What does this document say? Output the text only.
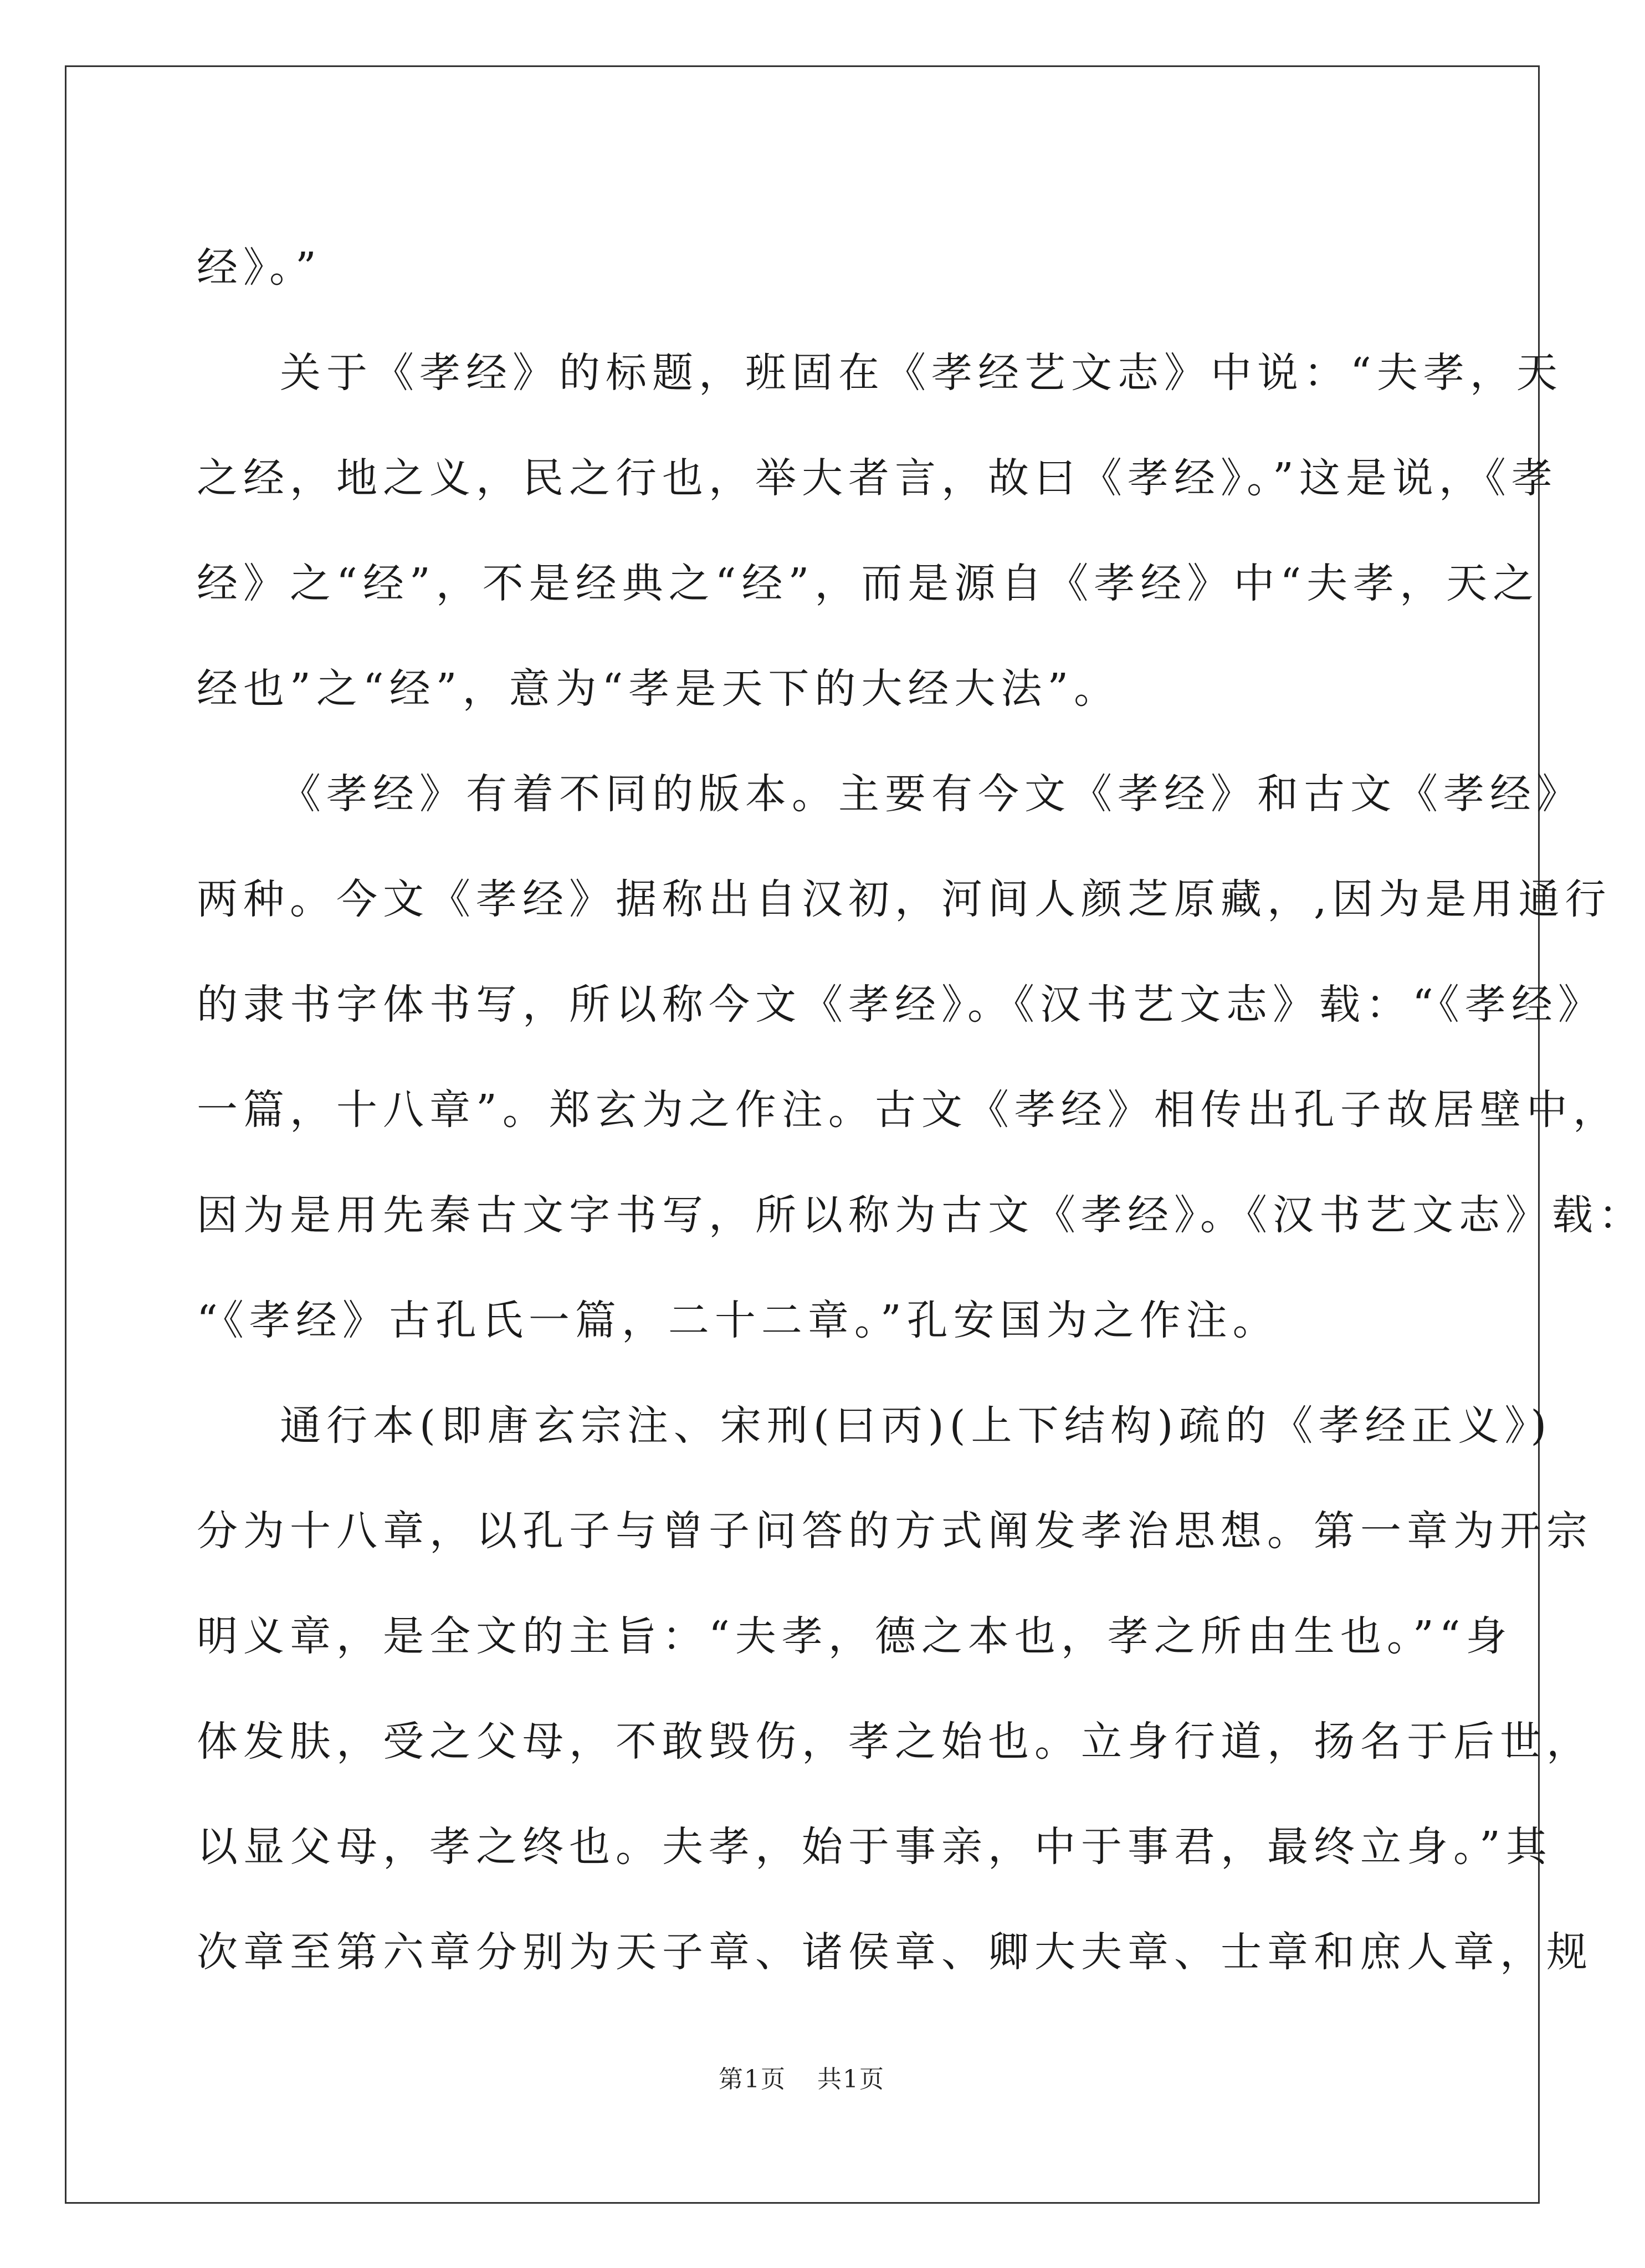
经》。”
关于《孝经》的标题，班固在《孝经艺文志》中说：“夫孝，天
之经，地之义，民之行也，举大者言，故曰《孝经》。”这是说，《孝
经》之“经”，不是经典之“经”，而是源自《孝经》中“夫孝，天之
经也”之“经”，意为“孝是天下的大经大法”。
《孝经》有着不同的版本。主要有今文《孝经》和古文《孝经》
两种。今文《孝经》据称出自汉初，河间人颜芝原藏，,因为是用通行
的隶书字体书写，所以称今文《孝经》。《汉书艺文志》载：“《孝经》
一篇，十八章”。郑玄为之作注。古文《孝经》相传出孔子故居壁中，
因为是用先秦古文字书写，所以称为古文《孝经》。《汉书艺文志》载：
“《孝经》古孔氏一篇，二十二章。”孔安国为之作注。
通行本(即唐玄宗注、宋刑(曰丙)(上下结构)疏的《孝经正义》)
分为十八章，以孔子与曾子问答的方式阐发孝治思想。第一章为开宗
明义章，是全文的主旨：“夫孝，德之本也，孝之所由生也。”“身
体发肤，受之父母，不敢毁伤，孝之始也。立身行道，扬名于后世，
以显父母，孝之终也。夫孝，始于事亲，中于事君，最终立身。”其
次章至第六章分别为天子章、诸侯章、卿大夫章、士章和庶人章，规
第1页 共1页
